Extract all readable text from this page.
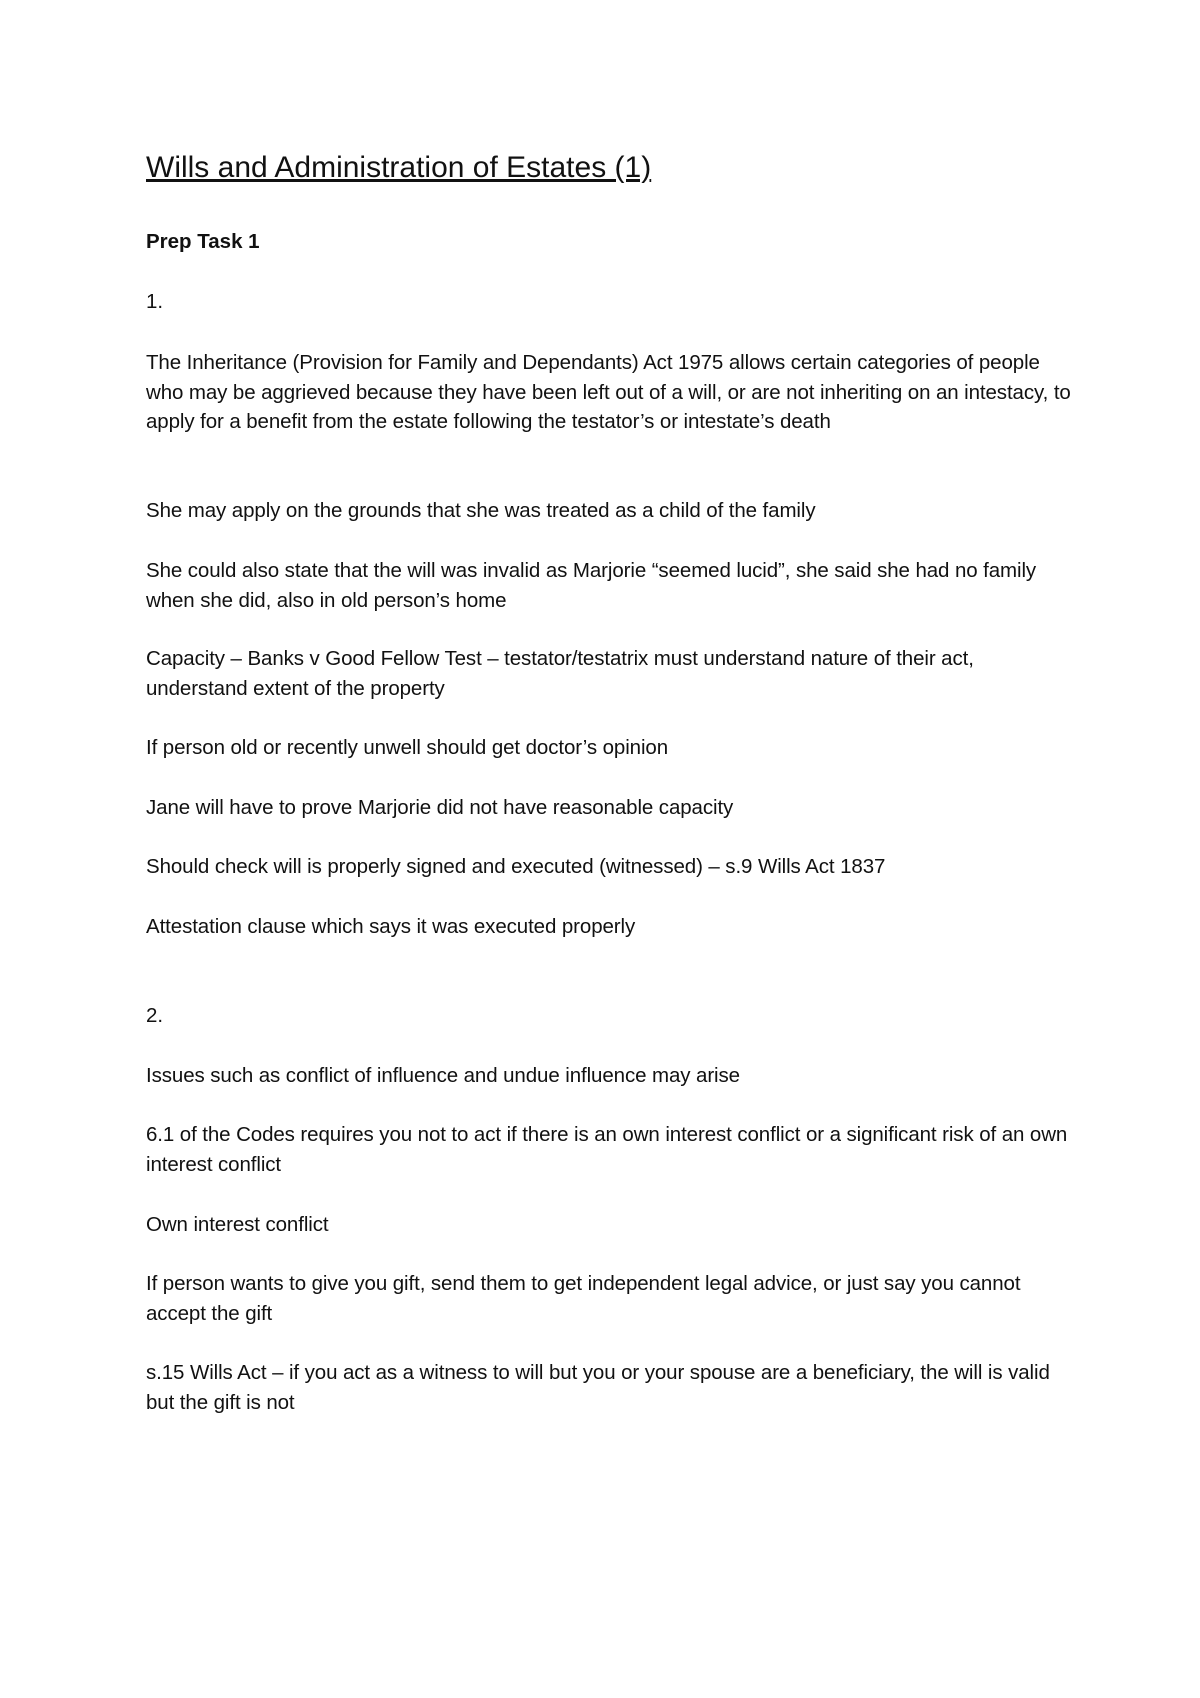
Wills and Administration of Estates (1)
Prep Task 1

1.

The Inheritance (Provision for Family and Dependants) Act 1975 allows certain categories of people who may be aggrieved because they have been left out of a will, or are not inheriting on an intestacy, to apply for a benefit from the estate following the testator’s or intestate’s death

She may apply on the grounds that she was treated as a child of the family

She could also state that the will was invalid as Marjorie “seemed lucid”, she said she had no family when she did, also in old person’s home

Capacity – Banks v Good Fellow Test – testator/testatrix must understand nature of their act, understand extent of the property

If person old or recently unwell should get doctor’s opinion

Jane will have to prove Marjorie did not have reasonable capacity

Should check will is properly signed and executed (witnessed) – s.9 Wills Act 1837

Attestation clause which says it was executed properly

2.

Issues such as conflict of influence and undue influence may arise

6.1 of the Codes requires you not to act if there is an own interest conflict or a significant risk of an own interest conflict

Own interest conflict

If person wants to give you gift, send them to get independent legal advice, or just say you cannot accept the gift

s.15 Wills Act – if you act as a witness to will but you or your spouse are a beneficiary, the will is valid but the gift is not
